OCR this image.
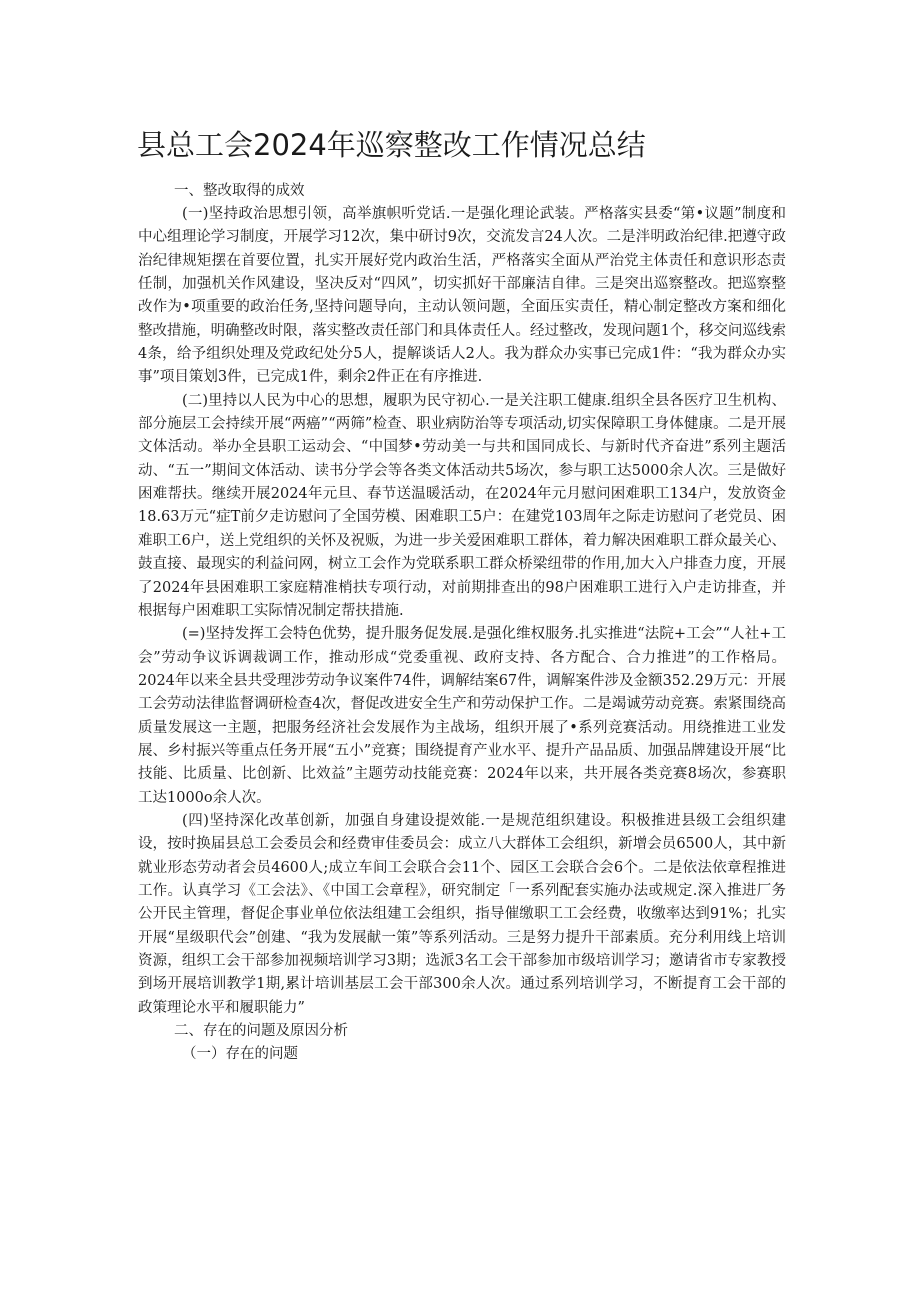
县总工会2024年巡察整改工作情况总结

一、整改取得的成效

(一)坚持政治思想引领，高举旗帜听党话.一是强化理论武装。严格落实县委“第•议题”制度和中心组理论学习制度，开展学习12次，集中研讨9次，交流发言24人次。二是泮明政治纪律.把遵守政治纪律规矩摆在首要位置，扎实开展好党内政治生活，严格落实全面从严治党主体责任和意识形态责任制，加强机关作风建设，坚决反对“四风”，切实抓好干部廉洁自律。三是突出巡察整改。把巡察整改作为•项重要的政治任务,坚持问题导向，主动认领问题，全面压实责任，精心制定整改方案和细化整改措施，明确整改时限，落实整改责任部门和具体责任人。经过整改，发现问题1个，移交问巡线索4条，给予组织处理及党政纪处分5人，提解谈话人2人。我为群众办实事已完成1件：“我为群众办实事”项目策划3件，已完成1件，剩余2件正在有序推进.

(二)里持以人民为中心的思想，履职为民守初心.一是关注职工健康.组织全县各医疗卫生机构、部分施层工会持续开展“两癌”“两筛”检查、职业病防治等专项活动,切实保障职工身体健康。二是开展文体活动。举办全县职工运动会、“中国梦•劳动美一与共和国同成长、与新时代齐奋进”系列主题活动、“五一”期间文体活动、读书分学会等各类文体活动共5场次，参与职工达5000余人次。三是做好困难帮扶。继续开展2024年元旦、春节送温暖活动，在2024年元月慰问困难职工134户，发放资金18.63万元“症T前夕走访慰问了全国劳模、困难职工5户：在建党103周年之际走访慰问了老党员、困难职工6户，送上党组织的关怀及祝贩，为进一步关爱困难职工群体，着力解决困难职工群众最关心、鼓直接、最现实的利益问网，树立工会作为党联系职工群众桥梁纽带的作用,加大入户排查力度，开展了2024年县困难职工家庭精准梢扶专项行动，对前期排查出的98户困难职工进行入户走访排查，并根据每户困难职工实际情况制定帮扶措施.

(=)坚持发挥工会特色优势，提升服务促发展.是强化维权服务.扎实推进“法院+工会”“人社+工会”劳动争议诉调裁调工作，推动形成“党委重视、政府支持、各方配合、合力推进”的工作格局。2024年以来全县共受理涉劳动争议案件74件，调解结案67件，调解案件涉及金额352.29万元：开展工会劳动法律监督调研检查4次，督促改进安全生产和劳动保护工作。二是竭诚劳动竞赛。索紧围绕高质量发展这一主题，把服务经济社会发展作为主战场，组织开展了•系列竞赛活动。用绕推进工业发展、乡村振兴等重点任务开展“五小”竞赛；围绕提育产业水平、提升产品品质、加强品牌建设开展“比技能、比质量、比创新、比效益”主题劳动技能竞赛：2024年以来，共开展各类竞赛8场次，参赛职工达1000o余人次。

(四)坚持深化改革创新，加强自身建设提效能.一是规范组织建设。积极推进县级工会组织建设，按时换届县总工会委员会和经费审佳委员会：成立八大群体工会组织，新增会员6500人，其中新就业形态劳动者会员4600人;成立车间工会联合会11个、园区工会联合会6个。二是依法依章程推进工作。认真学习《工会法》、《中国工会章程》，研究制定「一系列配套实施办法或规定.深入推进厂务公开民主管理，督促企事业单位依法组建工会组织，指导催缴职工工会经费，收缴率达到91%；扎实开展“星级职代会”创建、“我为发展献一策”等系列活动。三是努力提升干部素质。充分利用线上培训资源，组织工会干部参加视频培训学习3期；选派3名工会干部参加市级培训学习；邀请省市专家教授到场开展培训教学1期,累计培训基层工会干部300余人次。通过系列培训学习，不断提育工会干部的政策理论水平和履职能力”

二、存在的问题及原因分析

（一）存在的问题
